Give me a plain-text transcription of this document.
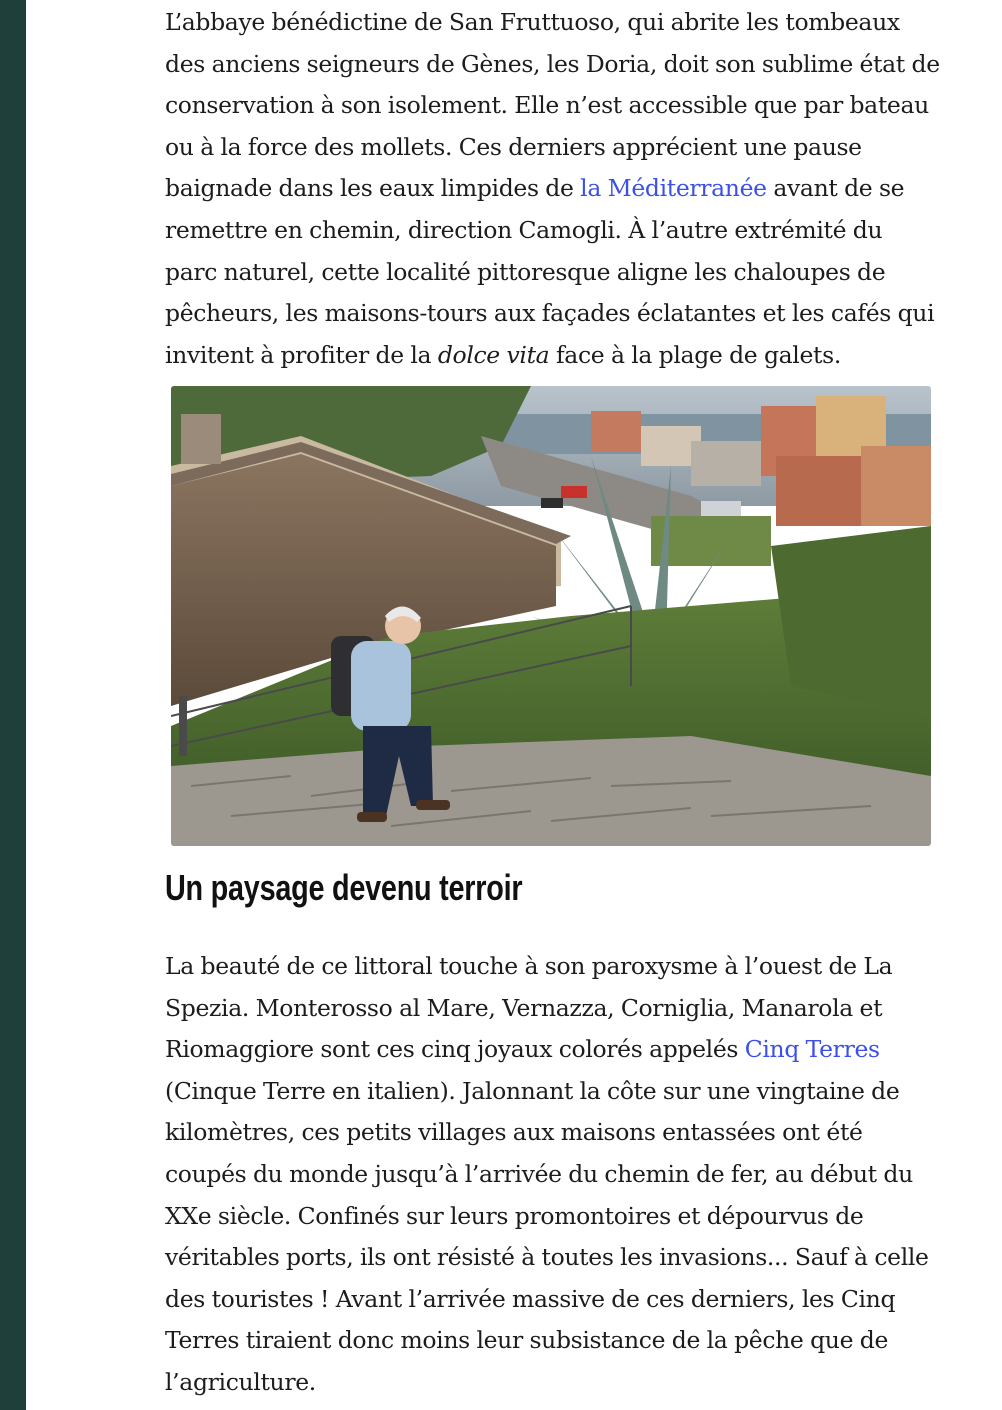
L’abbaye bénédictine de San Fruttuoso, qui abrite les tombeaux des anciens seigneurs de Gènes, les Doria, doit son sublime état de conservation à son isolement. Elle n’est accessible que par bateau ou à la force des mollets. Ces derniers apprécient une pause baignade dans les eaux limpides de la Méditerranée avant de se remettre en chemin, direction Camogli. À l’autre extrémité du parc naturel, cette localité pittoresque aligne les chaloupes de pêcheurs, les maisons-tours aux façades éclatantes et les cafés qui invitent à profiter de la dolce vita face à la plage de galets.

La beauté de ce littoral touche à son paroxysme à l’ouest de La Spezia. Monterosso al Mare, Vernazza, Corniglia, Manarola et Riomaggiore sont ces cinq joyaux colorés appelés Cinq Terres (Cinque Terre en italien). Jalonnant la côte sur une vingtaine de kilomètres, ces petits villages aux maisons entassées ont été coupés du monde jusqu’à l’arrivée du chemin de fer, au début du XXe siècle. Confinés sur leurs promontoires et dépourvus de véritables ports, ils ont résisté à toutes les invasions... Sauf à celle des touristes ! Avant l’arrivée massive de ces derniers, les Cinq Terres tiraient donc moins leur subsistance de la pêche que de l’agriculture.

Un paysage devenu terroir
